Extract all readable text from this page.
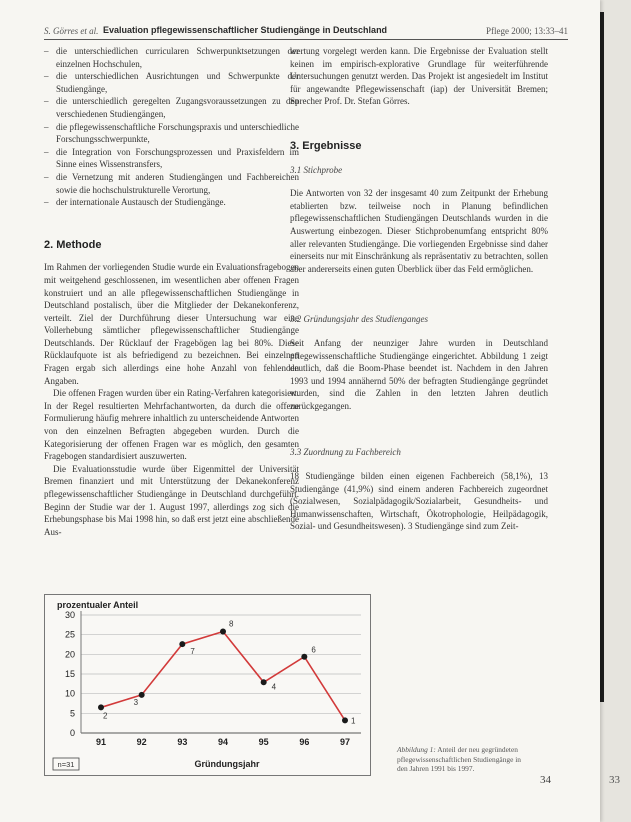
33
S. Görres et al. Evaluation pflegewissenschaftlicher Studiengänge in Deutschland	Pflege 2000; 13:33–41
– die unterschiedlichen curricularen Schwerpunktsetzungen der einzelnen Hochschulen,
– die unterschiedlichen Ausrichtungen und Schwerpunkte der Studiengänge,
– die unterschiedlich geregelten Zugangsvoraussetzungen zu den verschiedenen Studiengängen,
– die pflegewissenschaftliche Forschungspraxis und unterschiedliche Forschungsschwerpunkte,
– die Integration von Forschungsprozessen und Praxisfeldern im Sinne eines Wissenstransfers,
– die Vernetzung mit anderen Studiengängen und Fachbereichen sowie die hochschulstrukturelle Verortung,
– der internationale Austausch der Studiengänge.
2. Methode

Im Rahmen der vorliegenden Studie wurde ein Evaluationsfragebogen mit weitgehend geschlossenen, im wesentlichen aber offenen Fragen konstruiert und an alle pflegewissenschaftlichen Studiengänge in Deutschland postalisch, über die Mitglieder der Dekanekonferenz, verteilt. Ziel der Durchführung dieser Untersuchung war eine Vollerhebung sämtlicher pflegewissenschaftlicher Studiengänge Deutschlands. Der Rücklauf der Fragebögen lag bei 80%. Diese Rücklaufquote ist als befriedigend zu bezeichnen. Bei einzelnen Fragen ergab sich allerdings eine hohe Anzahl von fehlenden Angaben.

Die offenen Fragen wurden über ein Rating-Verfahren kategorisiert. In der Regel resultierten Mehrfachantworten, da durch die offene Formulierung häufig mehrere inhaltlich zu unterscheidende Antworten von den einzelnen Befragten abgegeben wurden. Durch die Kategorisierung der offenen Fragen war es möglich, den gesamten Fragebogen standardisiert auszuwerten.

Die Evaluationsstudie wurde über Eigenmittel der Universität Bremen finanziert und mit Unterstützung der Dekanekonferenz pflegewissenschaftlicher Studiengänge in Deutschland durchgeführt. Beginn der Studie war der 1. August 1997, allerdings zog sich die Erhebungsphase bis Mai 1998 hin, so daß erst jetzt eine abschließende Aus-

wertung vorgelegt werden kann. Die Ergebnisse der Evaluation stellt keinen im empirisch-explorative Grundlage für weiterführende Untersuchungen genutzt werden. Das Projekt ist angesiedelt im Institut für angewandte Pflegewissenschaft (iap) der Universität Bremen; Sprecher Prof. Dr. Stefan Görres.

3. Ergebnisse
3.1 Stichprobe

Die Antworten von 32 der insgesamt 40 zum Zeitpunkt der Erhebung etablierten bzw. teilweise noch in Planung befindlichen pflegewissenschaftlichen Studiengängen Deutschlands wurden in die Auswertung einbezogen. Dieser Stichprobenumfang entspricht 80% aller relevanten Studiengänge. Die vorliegenden Ergebnisse sind daher einerseits nur mit Einschränkung als repräsentativ zu betrachten, sollen aber andererseits einen guten Überblick über das Feld ermöglichen.

3.2 Gründungsjahr des Studienganges

Seit Anfang der neunziger Jahre wurden in Deutschland pflegewissenschaftliche Studiengänge eingerichtet. Abbildung 1 zeigt deutlich, daß die Boom-Phase beendet ist. Nachdem in den Jahren 1993 und 1994 annähernd 50% der befragten Studiengänge gegründet wurden, sind die Zahlen in den letzten Jahren deutlich zurückgegangen.

3.3 Zuordnung zu Fachbereich

18 Studiengänge bilden einen eigenen Fachbereich (58,1%), 13 Studiengänge (41,9%) sind einem anderen Fachbereich zugeordnet (Sozialwesen, Sozialpädagogik/Sozialarbeit, Gesundheits- und Humanwissenschaften, Wirtschaft, Ökotrophologie, Heilpädagogik, Sozial- und Gesundheitswesen). 3 Studiengänge sind zum Zeit-

prozentualer Anteil
0
5
10
15
20
25
30
91	92	93	94	95	96	97
2
3
7
8
4
6
1
Gründungsjahr
n=31
Abbildung 1: Anteil der neu gegründeten pflegewissenschaftlichen Studiengänge in den Jahren 1991 bis 1997.
34
